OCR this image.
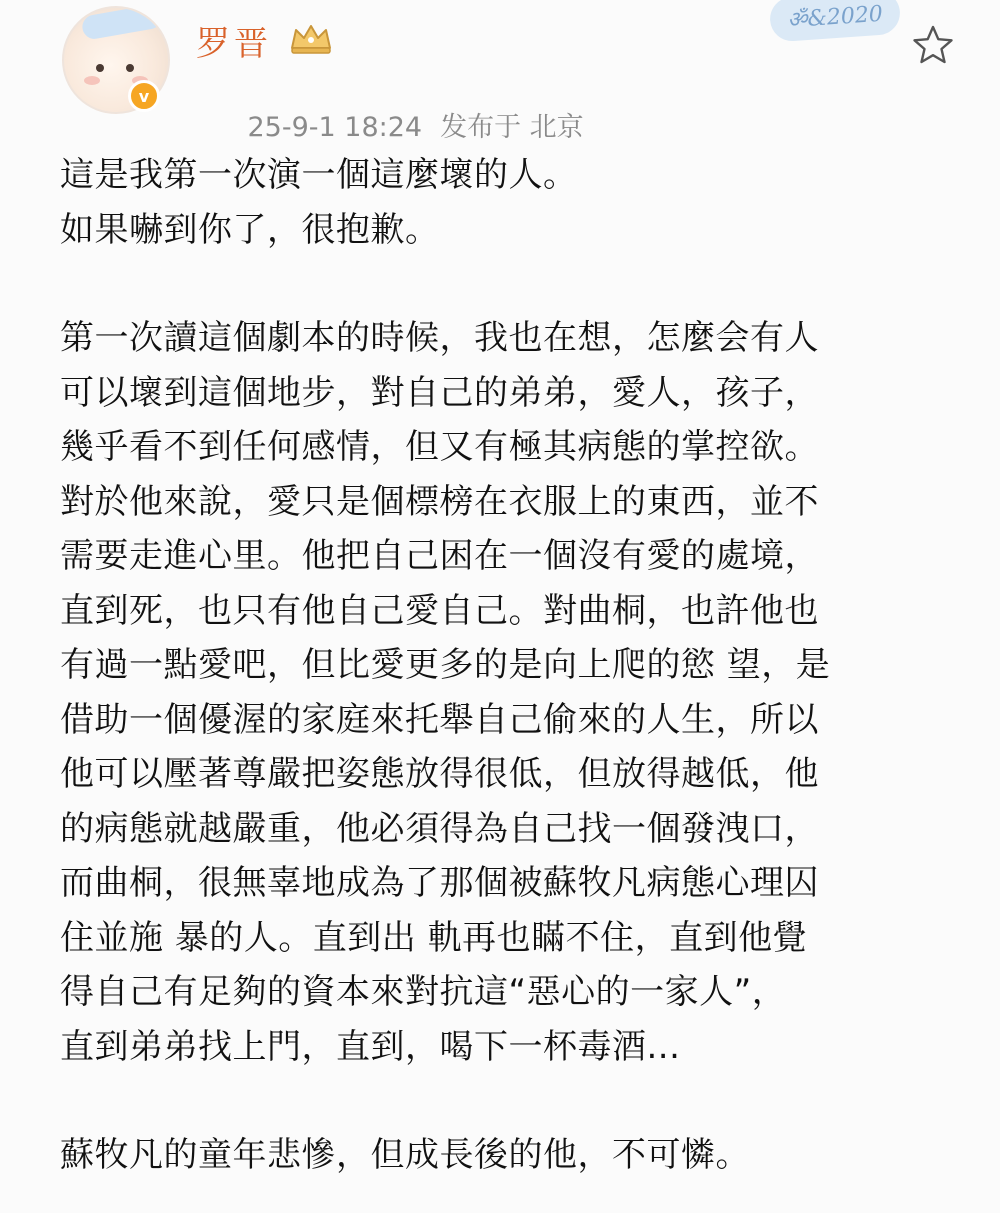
v
罗晋

25-9-1 18:24 发布于 北京

ॐ&2020

這是我第一次演一個這麼壞的人。
如果嚇到你了，很抱歉。

第一次讀這個劇本的時候，我也在想，怎麼会有人
可以壞到這個地步，對自己的弟弟，愛人，孩子，
幾乎看不到任何感情，但又有極其病態的掌控欲。
對於他來說，愛只是個標榜在衣服上的東西，並不
需要走進心里。他把自己困在一個沒有愛的處境，
直到死，也只有他自己愛自己。對曲桐，也許他也
有過一點愛吧，但比愛更多的是向上爬的慾 望，是
借助一個優渥的家庭來托舉自己偷來的人生，所以
他可以壓著尊嚴把姿態放得很低，但放得越低，他
的病態就越嚴重，他必須得為自己找一個發洩口，
而曲桐，很無辜地成為了那個被蘇牧凡病態心理囚
住並施 暴的人。直到出 軌再也瞞不住，直到他覺
得自己有足夠的資本來對抗這“惡心的一家人”，
直到弟弟找上門，直到，喝下一杯毒酒...

蘇牧凡的童年悲慘，但成長後的他，不可憐。
